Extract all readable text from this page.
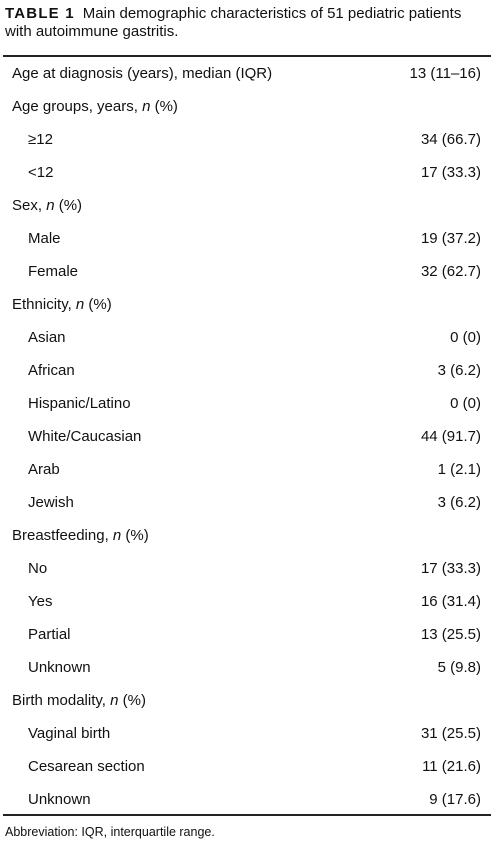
TABLE 1 Main demographic characteristics of 51 pediatric patients with autoimmune gastritis.
Age at diagnosis (years), median (IQR)	13 (11–16)
Age groups, years, n (%)
≥12	34 (66.7)
<12	17 (33.3)
Sex, n (%)
Male	19 (37.2)
Female	32 (62.7)
Ethnicity, n (%)
Asian	0 (0)
African	3 (6.2)
Hispanic/Latino	0 (0)
White/Caucasian	44 (91.7)
Arab	1 (2.1)
Jewish	3 (6.2)
Breastfeeding, n (%)
No	17 (33.3)
Yes	16 (31.4)
Partial	13 (25.5)
Unknown	5 (9.8)
Birth modality, n (%)
Vaginal birth	31 (25.5)
Cesarean section	11 (21.6)
Unknown	9 (17.6)
Abbreviation: IQR, interquartile range.
